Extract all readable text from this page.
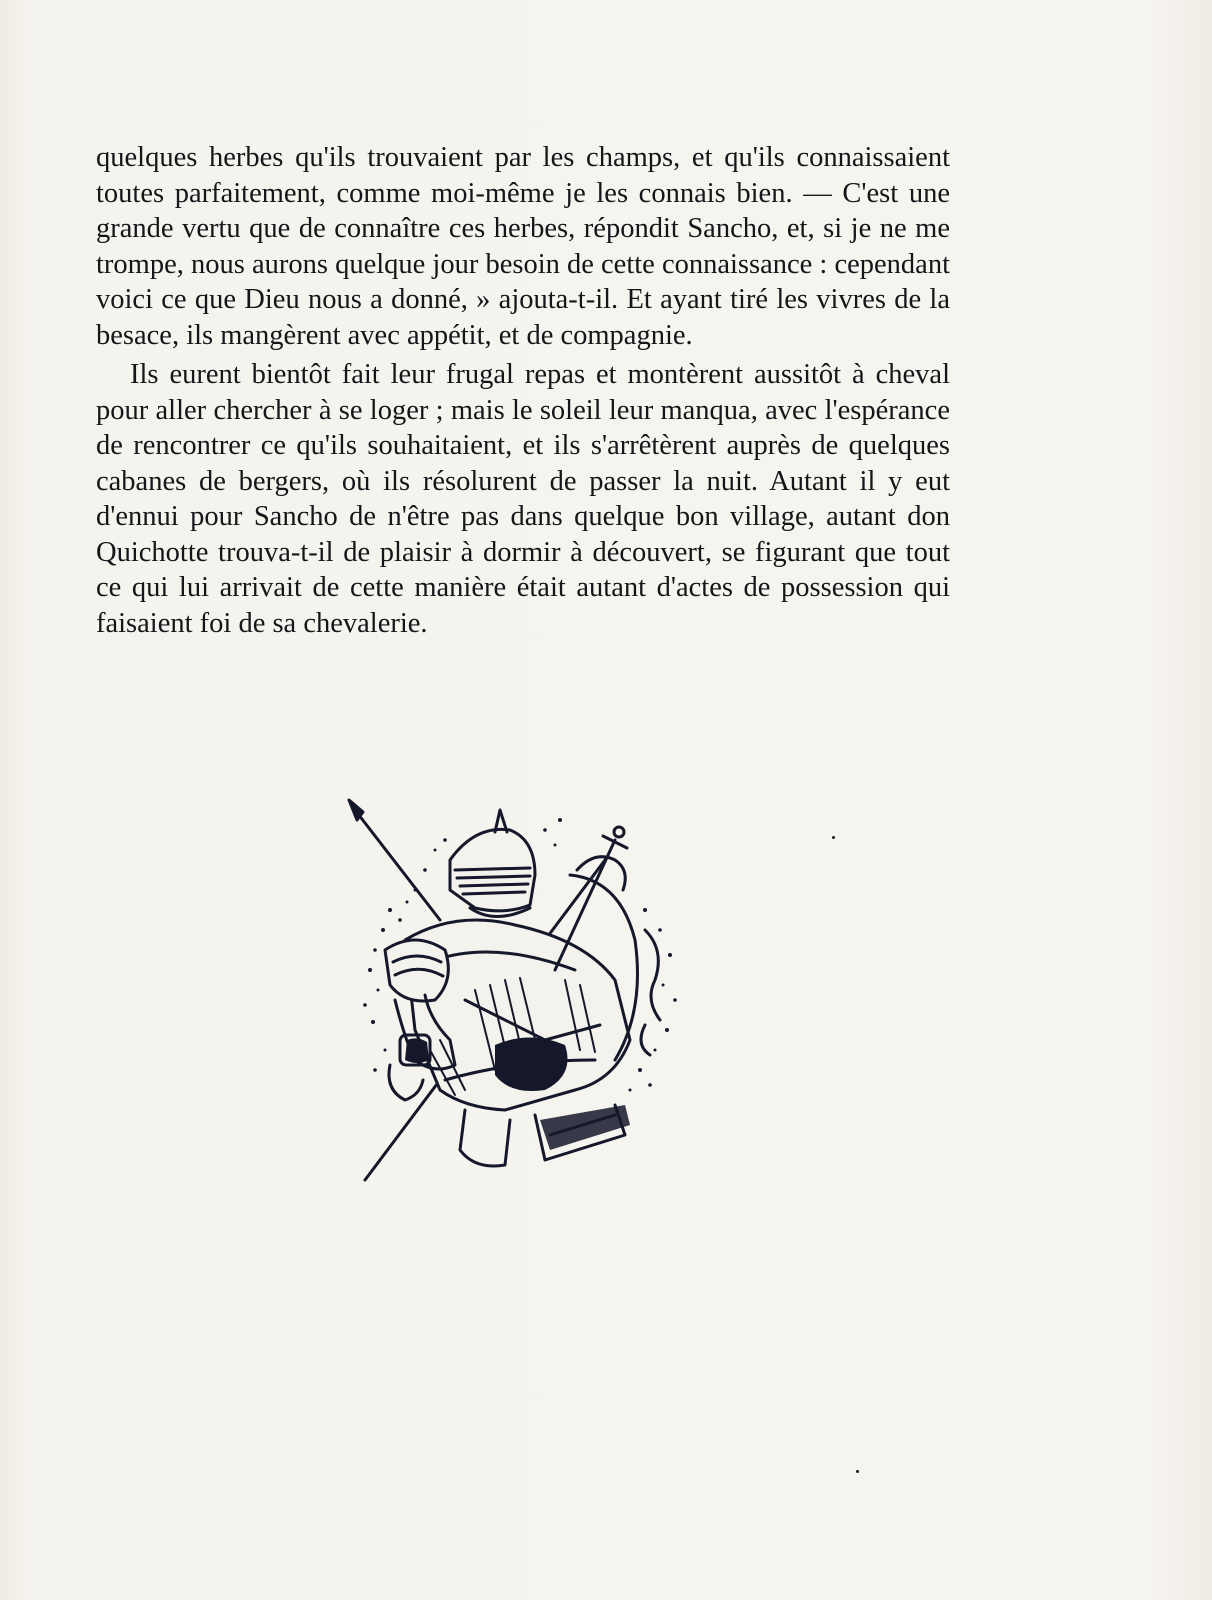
quelques herbes qu'ils trouvaient par les champs, et qu'ils connaissaient toutes parfaitement, comme moi-même je les connais bien. — C'est une grande vertu que de connaître ces herbes, répondit Sancho, et, si je ne me trompe, nous aurons quelque jour besoin de cette connaissance : cependant voici ce que Dieu nous a donné, » ajouta-t-il. Et ayant tiré les vivres de la besace, ils mangèrent avec appétit, et de compagnie.

Ils eurent bientôt fait leur frugal repas et montèrent aussitôt à cheval pour aller chercher à se loger ; mais le soleil leur manqua, avec l'espérance de rencontrer ce qu'ils souhaitaient, et ils s'arrêtèrent auprès de quelques cabanes de bergers, où ils résolurent de passer la nuit. Autant il y eut d'ennui pour Sancho de n'être pas dans quelque bon village, autant don Quichotte trouva-t-il de plaisir à dormir à découvert, se figurant que tout ce qui lui arrivait de cette manière était autant d'actes de possession qui faisaient foi de sa chevalerie.
